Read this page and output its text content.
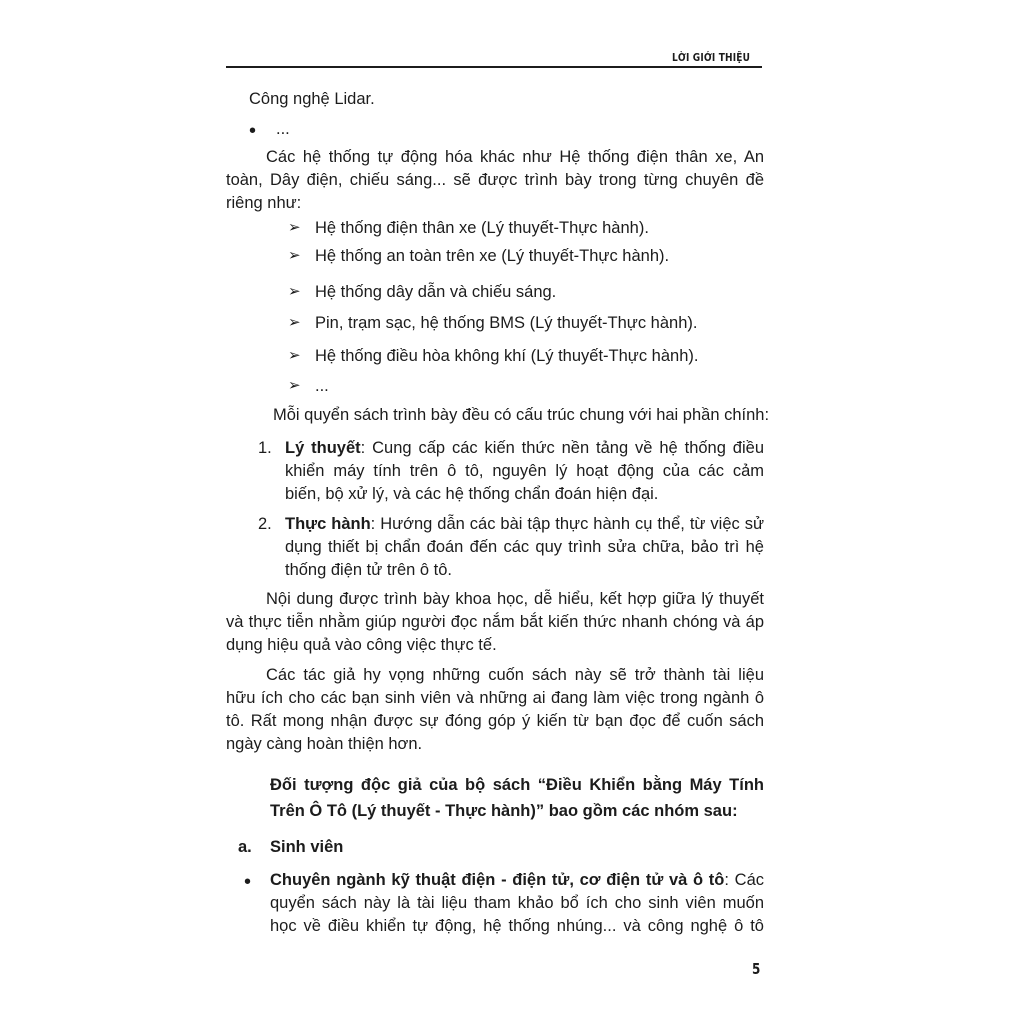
LỜI GIỚI THIỆU
Công nghệ Lidar.
• ...
Các hệ thống tự động hóa khác như Hệ thống điện thân xe, An
toàn, Dây điện, chiếu sáng... sẽ được trình bày trong từng chuyên đề
riêng như:
➢ Hệ thống điện thân xe (Lý thuyết-Thực hành).
➢ Hệ thống an toàn trên xe (Lý thuyết-Thực hành).
➢ Hệ thống dây dẫn và chiếu sáng.
➢ Pin, trạm sạc, hệ thống BMS (Lý thuyết-Thực hành).
➢ Hệ thống điều hòa không khí (Lý thuyết-Thực hành).
➢ ...
Mỗi quyển sách trình bày đều có cấu trúc chung với hai phần chính:
1. Lý thuyết: Cung cấp các kiến thức nền tảng về hệ thống điều
khiển máy tính trên ô tô, nguyên lý hoạt động của các cảm
biến, bộ xử lý, và các hệ thống chẩn đoán hiện đại.
2. Thực hành: Hướng dẫn các bài tập thực hành cụ thể, từ việc sử
dụng thiết bị chẩn đoán đến các quy trình sửa chữa, bảo trì hệ
thống điện tử trên ô tô.
Nội dung được trình bày khoa học, dễ hiểu, kết hợp giữa lý thuyết
và thực tiễn nhằm giúp người đọc nắm bắt kiến thức nhanh chóng và áp
dụng hiệu quả vào công việc thực tế.
Các tác giả hy vọng những cuốn sách này sẽ trở thành tài liệu
hữu ích cho các bạn sinh viên và những ai đang làm việc trong ngành ô
tô. Rất mong nhận được sự đóng góp ý kiến từ bạn đọc để cuốn sách
ngày càng hoàn thiện hơn.
Đối tượng độc giả của bộ sách “Điều Khiển bằng Máy Tính
Trên Ô Tô (Lý thuyết - Thực hành)” bao gồm các nhóm sau:
a. Sinh viên
• Chuyên ngành kỹ thuật điện - điện tử, cơ điện tử và ô tô: Các
quyển sách này là tài liệu tham khảo bổ ích cho sinh viên muốn
học về điều khiển tự động, hệ thống nhúng... và công nghệ ô tô
5
